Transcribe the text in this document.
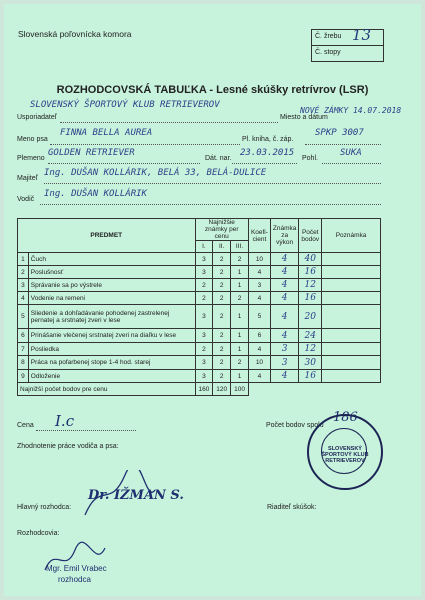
Slovenská poľovnícka komora	Č. žrebu 13
Č. stopy
ROZHODCOVSKÁ TABUĽKA - Lesné skúšky retrívrov (LSR)
SLOVENSKÝ ŠPORTOVÝ KLUB RETRIEVEROV
Usporiadateľ	Miesto a dátum
NOVÉ ZÁMKY 14.07.2018
Meno psa
FINNA BELLA AUREA
Pl. kniha, č. záp.
SPKP 3007
Plemeno
GOLDEN RETRIEVER
Dát. nar.
23.03.2015
Pohl.
SUKA
Majiteľ
Ing. DUŠAN KOLLÁRIK, BELÁ 33, BELÁ-DULICE
Vodič
Ing. DUŠAN KOLLÁRIK
PREDMET		Najnižšie známky per cenu			Koefi-cient	Známka za výkon	Počet bodov	Poznámka
		I.	II.	III.				
1	Čuch	3	2	2	10	4	40	
2	Poslušnosť	3	2	1	4	4	16	
3	Správanie sa po výstrele	2	2	1	3	4	12	
4	Vodenie na remeni	2	2	2	4	4	16	
5	Sliedenie a dohľadávanie pohodenej zastrelenej pernatej a srstnatej zveri v lese	3	2	1	5	4	20	
6	Prinášanie vlečenej srstnatej zveri na diaľku v lese	3	2	1	6	4	24	
7	Posliedka	2	2	1	4	3	12	
8	Práca na pofarbenej stope 1-4 hod. starej	3	2	2	10	3	30	
9	Odloženie	3	2	1	4	4	16	
Najnižší počet bodov pre cenu		160	120	100				
Cena I.c	Počet bodov spolu
186
Zhodnotenie práce vodiča a psa:
Hlavný rozhodca:
Dr. IŽMAN S.
Riaditeľ skúšok:
Rozhodcovia:
Mgr. Emil Vrabec
rozhodca
SLOVENSKÝ ŠPORTOVÝ KLUB RETRIEVEROV
